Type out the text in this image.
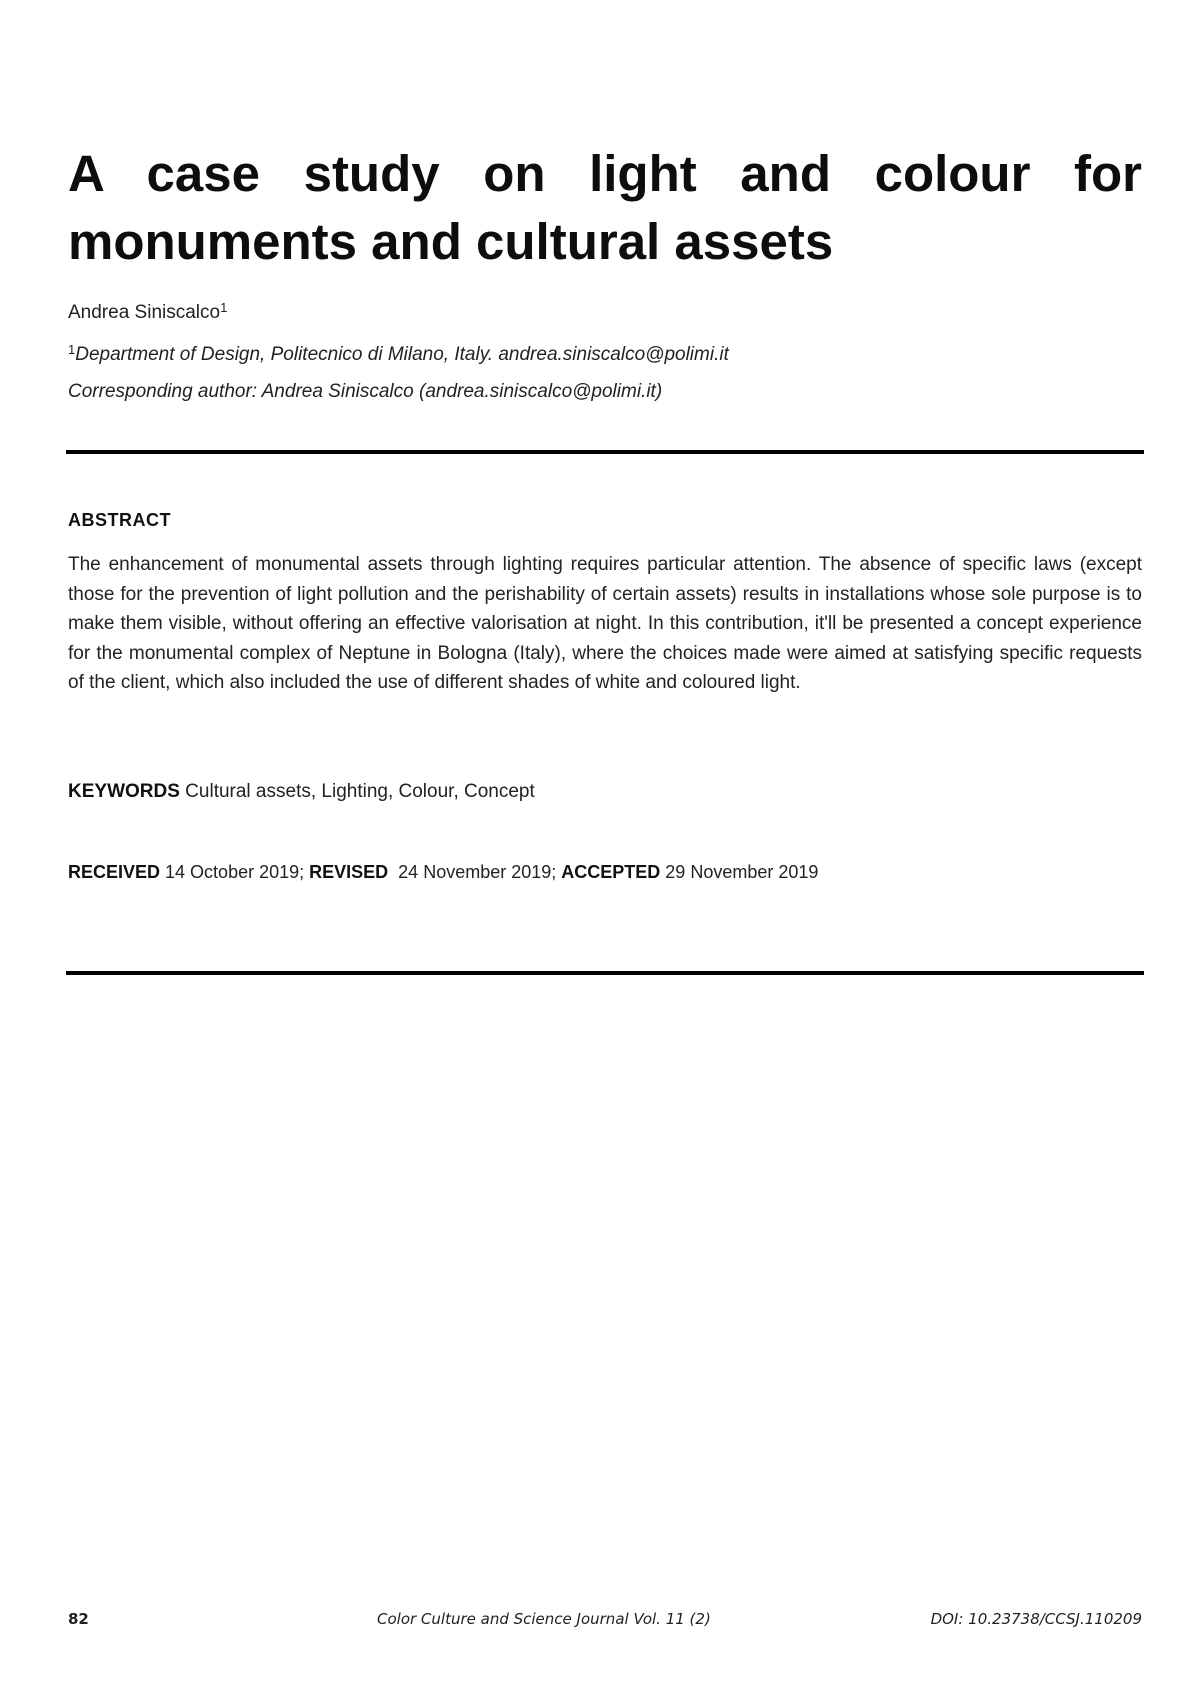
A case study on light and colour for monuments and cultural assets
Andrea Siniscalco$^1$
$^1$Department of Design, Politecnico di Milano, Italy. andrea.siniscalco@polimi.it
Corresponding author: Andrea Siniscalco (andrea.siniscalco@polimi.it)
ABSTRACT

The enhancement of monumental assets through lighting requires particular attention. The absence of specific laws (except those for the prevention of light pollution and the perishability of certain assets) results in installations whose sole purpose is to make them visible, without offering an effective valorisation at night. In this contribution, it'll be presented a concept experience for the monumental complex of Neptune in Bologna (Italy), where the choices made were aimed at satisfying specific requests of the client, which also included the use of different shades of white and coloured light.

KEYWORDS Cultural assets, Lighting, Colour, Concept
RECEIVED 14 October 2019; REVISED  24 November 2019; ACCEPTED 29 November 2019
82	Color Culture and Science Journal Vol. 11 (2)	DOI: 10.23738/CCSJ.110209
